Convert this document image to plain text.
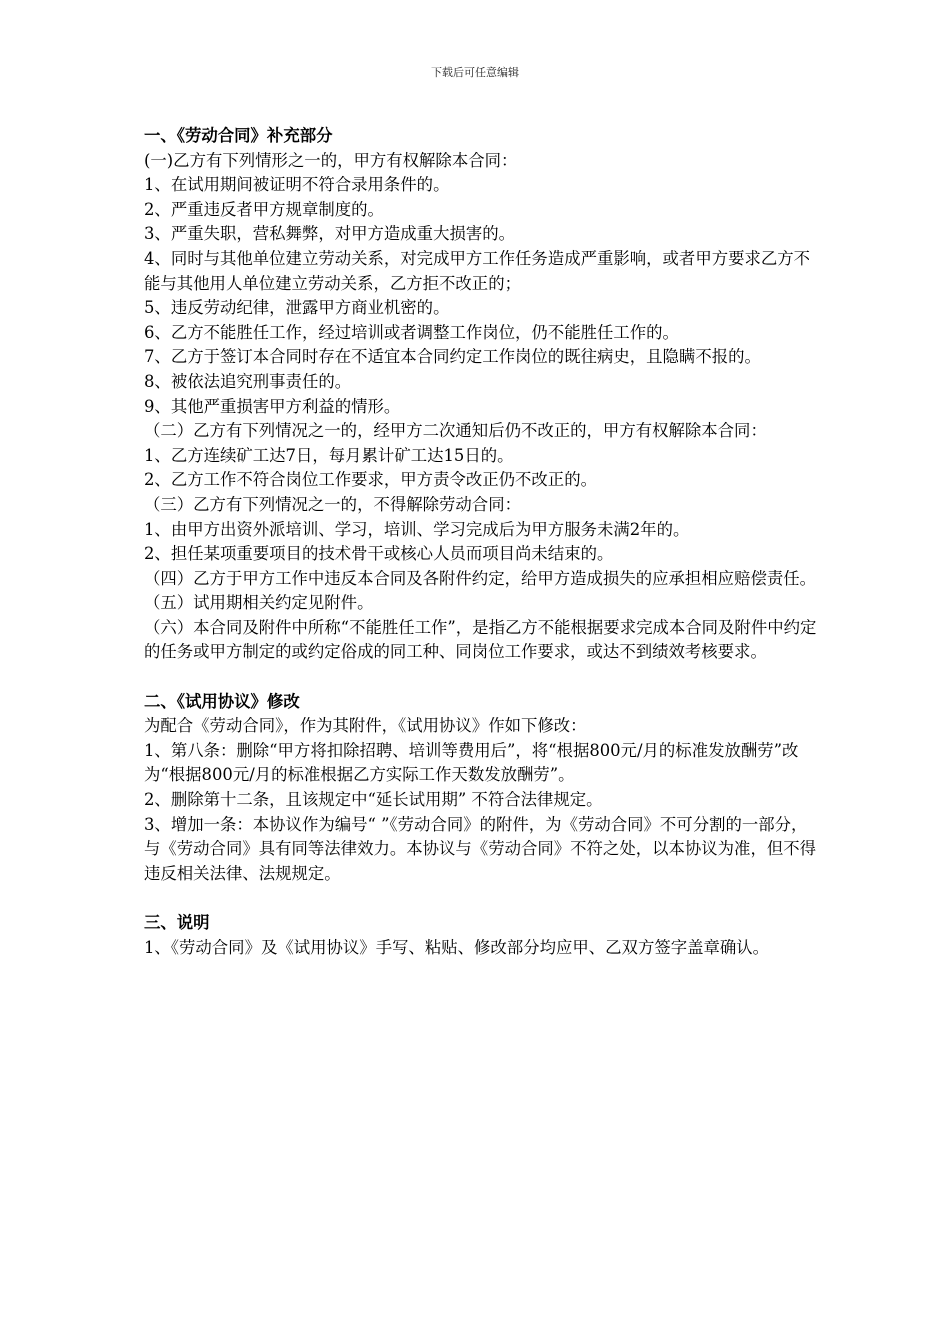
下载后可任意编辑

一、《劳动合同》补充部分

(一)乙方有下列情形之一的，甲方有权解除本合同：

1、在试用期间被证明不符合录用条件的。

2、严重违反者甲方规章制度的。

3、严重失职，营私舞弊，对甲方造成重大损害的。

4、同时与其他单位建立劳动关系，对完成甲方工作任务造成严重影响，或者甲方要求乙方不能与其他用人单位建立劳动关系，乙方拒不改正的；

5、违反劳动纪律，泄露甲方商业机密的。

6、乙方不能胜任工作，经过培训或者调整工作岗位，仍不能胜任工作的。

7、乙方于签订本合同时存在不适宜本合同约定工作岗位的既往病史，且隐瞒不报的。

8、被依法追究刑事责任的。

9、其他严重损害甲方利益的情形。

（二）乙方有下列情况之一的，经甲方二次通知后仍不改正的，甲方有权解除本合同：

1、乙方连续矿工达7日，每月累计矿工达15日的。

2、乙方工作不符合岗位工作要求，甲方责令改正仍不改正的。

（三）乙方有下列情况之一的，不得解除劳动合同：

1、由甲方出资外派培训、学习，培训、学习完成后为甲方服务未满2年的。

2、担任某项重要项目的技术骨干或核心人员而项目尚未结束的。

（四）乙方于甲方工作中违反本合同及各附件约定，给甲方造成损失的应承担相应赔偿责任。

（五）试用期相关约定见附件。

（六）本合同及附件中所称“不能胜任工作”，是指乙方不能根据要求完成本合同及附件中约定的任务或甲方制定的或约定俗成的同工种、同岗位工作要求，或达不到绩效考核要求。

二、《试用协议》修改

为配合《劳动合同》，作为其附件，《试用协议》作如下修改：

1、第八条：删除“甲方将扣除招聘、培训等费用后”，将“根据800元/月的标准发放酬劳”改为“根据800元/月的标准根据乙方实际工作天数发放酬劳”。

2、删除第十二条，且该规定中“延长试用期” 不符合法律规定。

3、增加一条：本协议作为编号“ ”《劳动合同》的附件，为《劳动合同》不可分割的一部分，与《劳动合同》具有同等法律效力。本协议与《劳动合同》不符之处，以本协议为准，但不得违反相关法律、法规规定。

三、说明

1、《劳动合同》及《试用协议》手写、粘贴、修改部分均应甲、乙双方签字盖章确认。
